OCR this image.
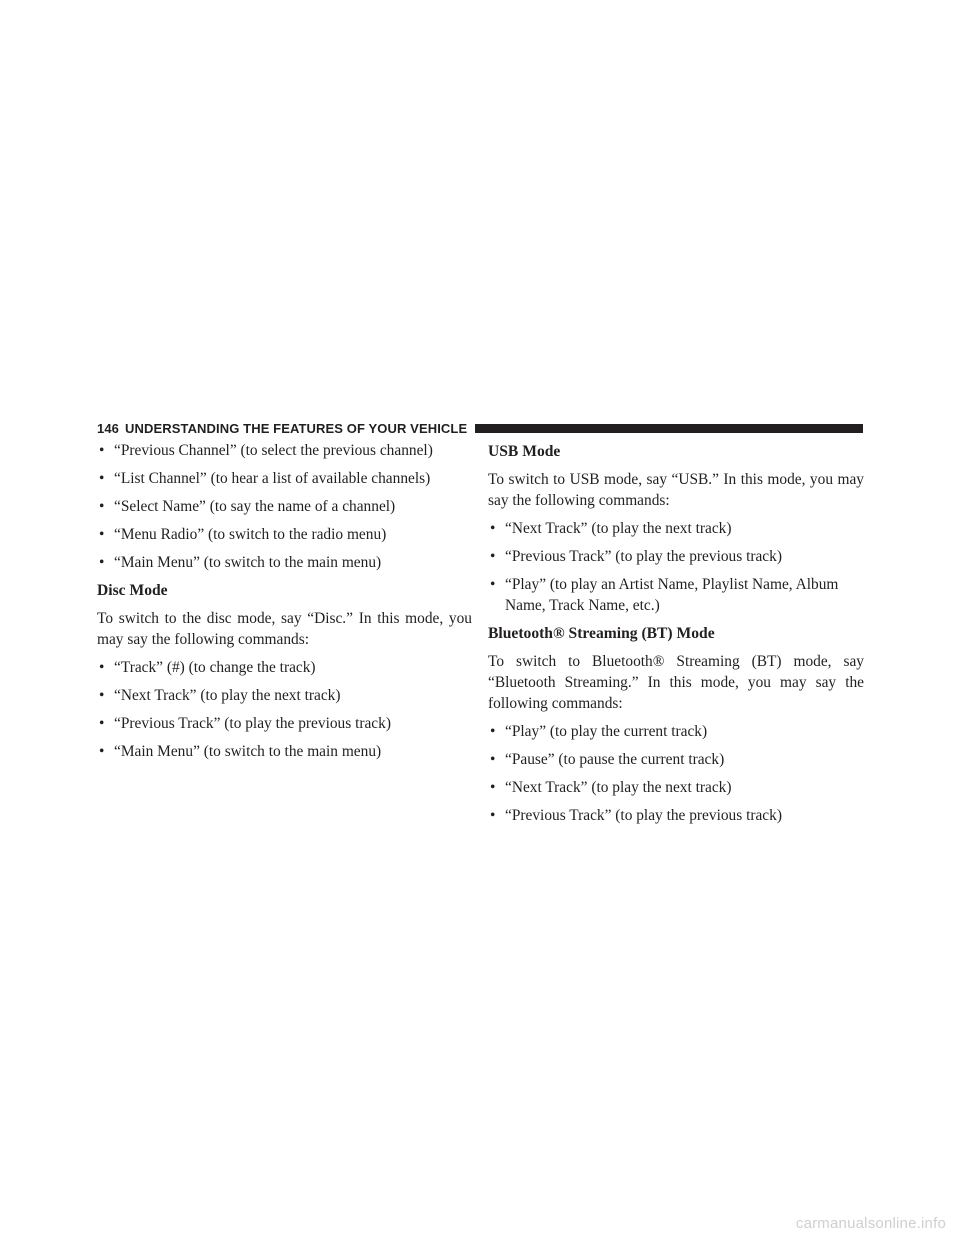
146 UNDERSTANDING THE FEATURES OF YOUR VEHICLE
• “Previous Channel” (to select the previous channel)
• “List Channel” (to hear a list of available channels)
• “Select Name” (to say the name of a channel)
• “Menu Radio” (to switch to the radio menu)
• “Main Menu” (to switch to the main menu)
Disc Mode
To switch to the disc mode, say “Disc.” In this mode, you may say the following commands:
• “Track” (#) (to change the track)
• “Next Track” (to play the next track)
• “Previous Track” (to play the previous track)
• “Main Menu” (to switch to the main menu)
USB Mode
To switch to USB mode, say “USB.” In this mode, you may say the following commands:
• “Next Track” (to play the next track)
• “Previous Track” (to play the previous track)
• “Play” (to play an Artist Name, Playlist Name, Album Name, Track Name, etc.)
Bluetooth® Streaming (BT) Mode
To switch to Bluetooth® Streaming (BT) mode, say “Bluetooth Streaming.” In this mode, you may say the following commands:
• “Play” (to play the current track)
• “Pause” (to pause the current track)
• “Next Track” (to play the next track)
• “Previous Track” (to play the previous track)
carmanualsonline.info
